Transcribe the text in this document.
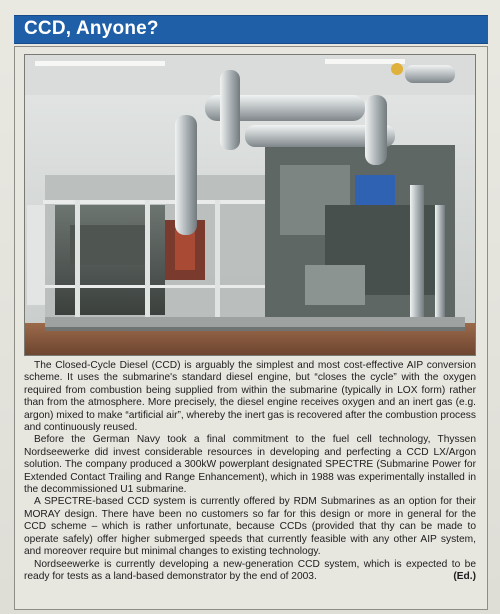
CCD, Anyone?

The Closed-Cycle Diesel (CCD) is arguably the simplest and most cost-effective AIP conversion scheme. It uses the submarine's standard diesel engine, but “closes the cycle” with the oxygen required from combustion being supplied from within the submarine (typically in LOX form) rather than from the atmosphere. More precisely, the diesel engine receives oxygen and an inert gas (e.g. argon) mixed to make “artificial air”, whereby the inert gas is recovered after the combustion process and continuously reused.

Before the German Navy took a final commitment to the fuel cell technology, Thyssen Nordseewerke did invest considerable resources in developing and perfecting a CCD LX/Argon solution. The company produced a 300kW powerplant designated SPECTRE (Submarine Power for Extended Contact Trailing and Range Enhancement), which in 1988 was experimentally installed in the decommissioned U1 submarine.

A SPECTRE-based CCD system is currently offered by RDM Submarines as an option for their MORAY design. There have been no customers so far for this design or more in general for the CCD scheme – which is rather unfortunate, because CCDs (provided that thy can be made to operate safely) offer higher submerged speeds that currently feasible with any other AIP system, and moreover require but minimal changes to existing technology.

Nordseewerke is currently developing a new-generation CCD system, which is expected to be ready for tests as a land-based demonstrator by the end of 2003.	(Ed.)
